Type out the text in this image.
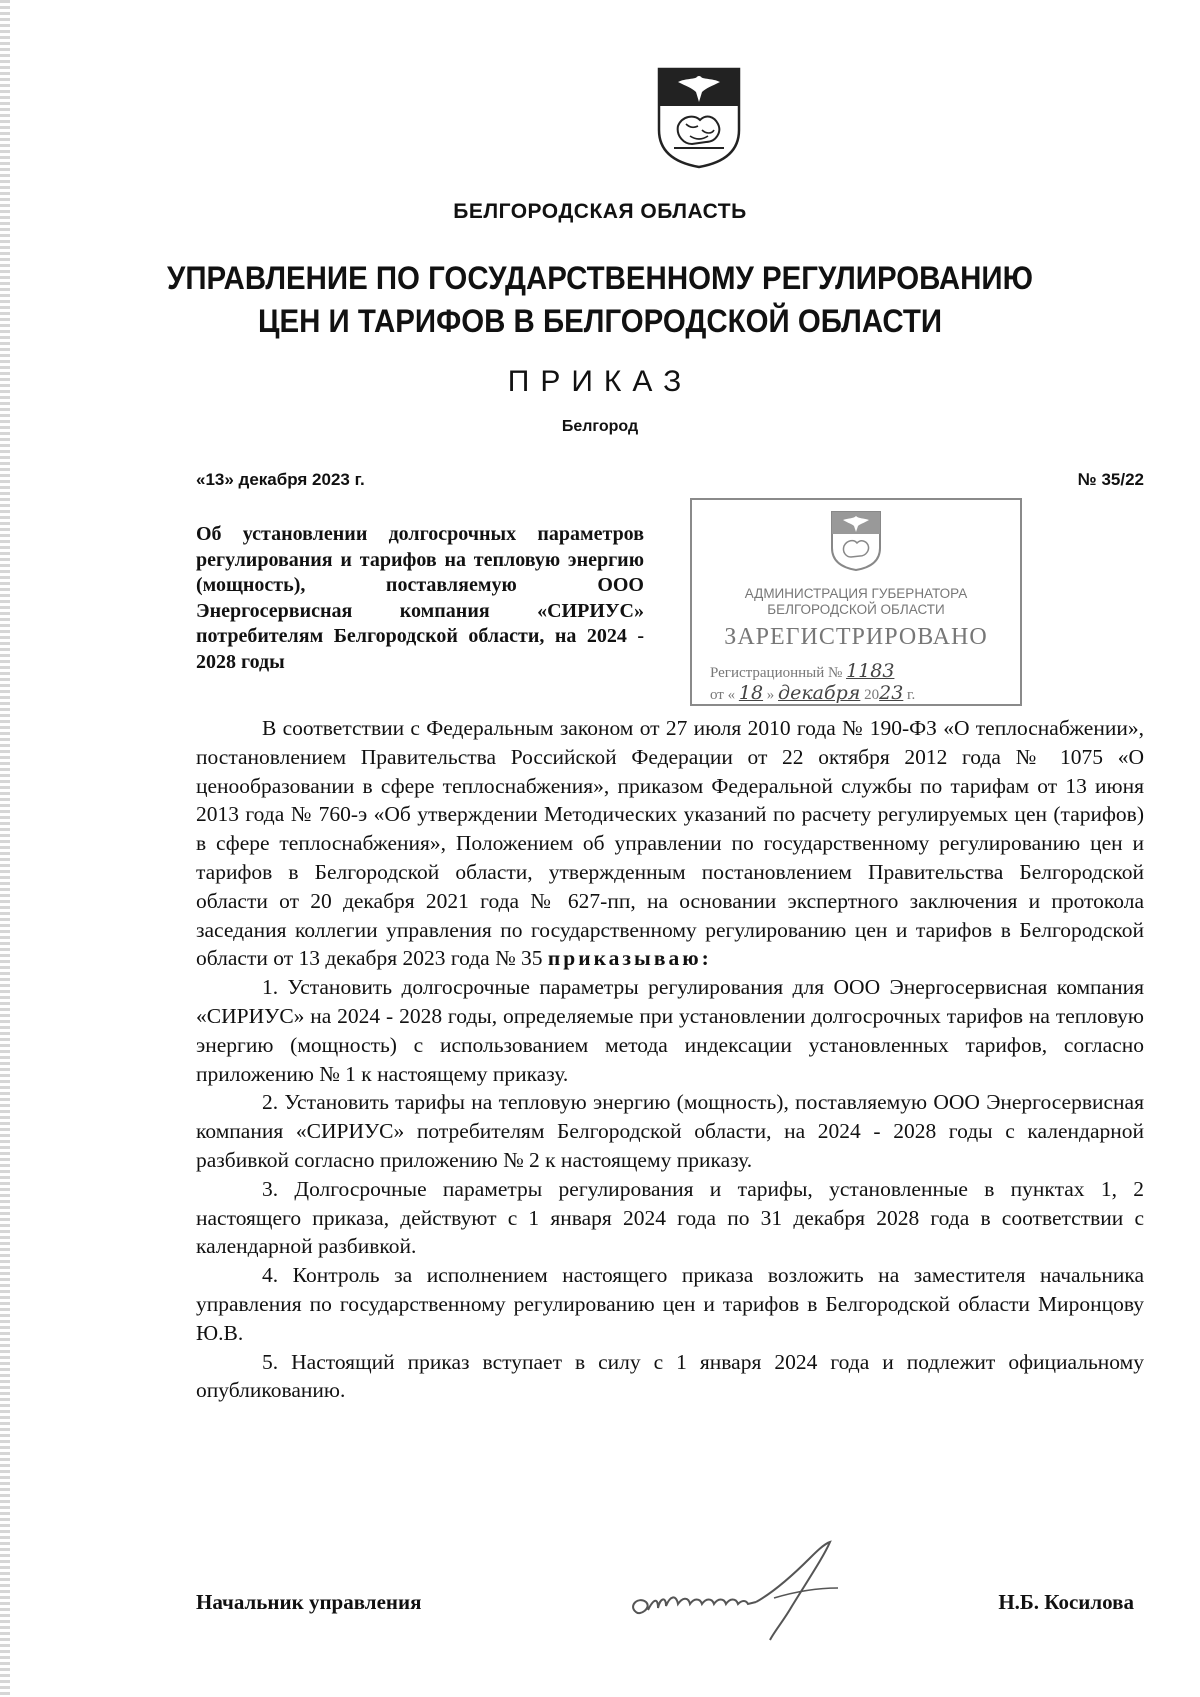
БЕЛГОРОДСКАЯ ОБЛАСТЬ
УПРАВЛЕНИЕ ПО ГОСУДАРСТВЕННОМУ РЕГУЛИРОВАНИЮ
ЦЕН И ТАРИФОВ В БЕЛГОРОДСКОЙ ОБЛАСТИ
ПРИКАЗ
Белгород
«13» декабря 2023 г.	№ 35/22
Об установлении долгосрочных параметров регулирования и тарифов на тепловую энергию (мощность), поставляемую ООО Энергосервисная компания «СИРИУС» потребителям Белгородской области, на 2024 - 2028 годы
АДМИНИСТРАЦИЯ ГУБЕРНАТОРА
БЕЛГОРОДСКОЙ ОБЛАСТИ
ЗАРЕГИСТРИРОВАНО
Регистрационный № 1183
от « 18 » декабря 2023 г.

В соответствии с Федеральным законом от 27 июля 2010 года № 190-ФЗ «О теплоснабжении», постановлением Правительства Российской Федерации от 22 октября 2012 года № 1075 «О ценообразовании в сфере теплоснабжения», приказом Федеральной службы по тарифам от 13 июня 2013 года № 760-э «Об утверждении Методических указаний по расчету регулируемых цен (тарифов) в сфере теплоснабжения», Положением об управлении по государственному регулированию цен и тарифов в Белгородской области, утвержденным постановлением Правительства Белгородской области от 20 декабря 2021 года № 627-пп, на основании экспертного заключения и протокола заседания коллегии управления по государственному регулированию цен и тарифов в Белгородской области от 13 декабря 2023 года № 35 приказываю:

1. Установить долгосрочные параметры регулирования для ООО Энергосервисная компания «СИРИУС» на 2024 - 2028 годы, определяемые при установлении долгосрочных тарифов на тепловую энергию (мощность) с использованием метода индексации установленных тарифов, согласно приложению № 1 к настоящему приказу.

2. Установить тарифы на тепловую энергию (мощность), поставляемую ООО Энергосервисная компания «СИРИУС» потребителям Белгородской области, на 2024 - 2028 годы с календарной разбивкой согласно приложению № 2 к настоящему приказу.

3. Долгосрочные параметры регулирования и тарифы, установленные в пунктах 1, 2 настоящего приказа, действуют с 1 января 2024 года по 31 декабря 2028 года в соответствии с календарной разбивкой.

4. Контроль за исполнением настоящего приказа возложить на заместителя начальника управления по государственному регулированию цен и тарифов в Белгородской области Миронцову Ю.В.

5. Настоящий приказ вступает в силу с 1 января 2024 года и подлежит официальному опубликованию.

Начальник управления	Н.Б. Косилова
